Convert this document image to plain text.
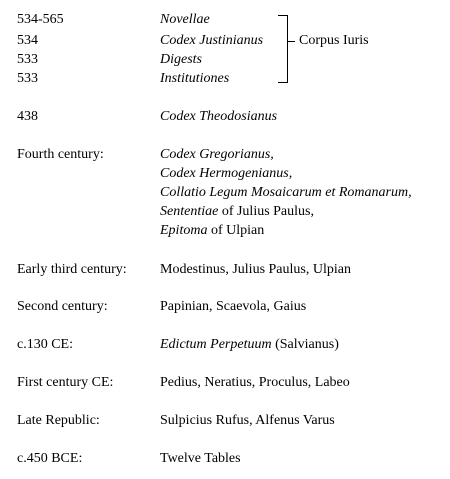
534-565	Novellae
534	Codex Justinianus
533	Digests
533	Institutiones
Corpus Iuris
438	Codex Theodosianus
Fourth century:	Codex Gregorianus,
Codex Hermogenianus,
Collatio Legum Mosaicarum et Romanarum,
Sententiae of Julius Paulus,
Epitoma of Ulpian
Early third century: Modestinus, Julius Paulus, Ulpian
Second century:	Papinian, Scaevola, Gaius
c.130 CE:	Edictum Perpetuum (Salvianus)
First century CE:	Pedius, Neratius, Proculus, Labeo
Late Republic:	Sulpicius Rufus, Alfenus Varus
c.450 BCE:	Twelve Tables
